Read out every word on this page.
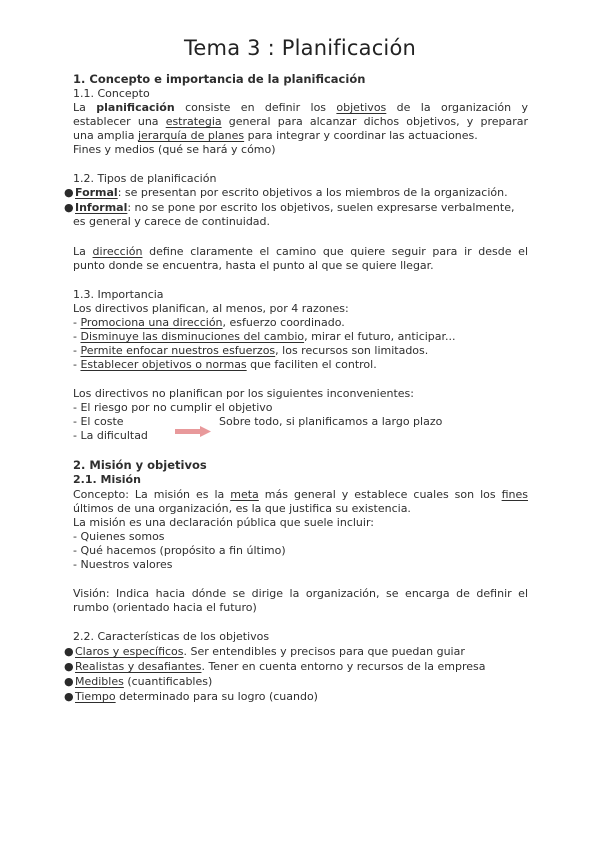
Tema 3 : Planificación
1. Concepto e importancia de la planificación
1.1. Concepto
La planificación consiste en definir los objetivos de la organización y
establecer una estrategia general para alcanzar dichos objetivos, y preparar
una amplia jerarquía de planes para integrar y coordinar las actuaciones.
Fines y medios (qué se hará y cómo)
1.2. Tipos de planificación
● Formal: se presentan por escrito objetivos a los miembros de la organización.
● Informal: no se pone por escrito los objetivos, suelen expresarse verbalmente,
es general y carece de continuidad.
La dirección define claramente el camino que quiere seguir para ir desde el
punto donde se encuentra, hasta el punto al que se quiere llegar.
1.3. Importancia
Los directivos planifican, al menos, por 4 razones:
- Promociona una dirección, esfuerzo coordinado.
- Disminuye las disminuciones del cambio, mirar el futuro, anticipar...
- Permite enfocar nuestros esfuerzos, los recursos son limitados.
- Establecer objetivos o normas que faciliten el control.
Los directivos no planifican por los siguientes inconvenientes:
- El riesgo por no cumplir el objetivo
- El coste	Sobre todo, si planificamos a largo plazo
- La dificultad
2. Misión y objetivos
2.1. Misión
Concepto: La misión es la meta más general y establece cuales son los fines
últimos de una organización, es la que justifica su existencia.
La misión es una declaración pública que suele incluir:
- Quienes somos
- Qué hacemos (propósito a fin último)
- Nuestros valores
Visión: Indica hacia dónde se dirige la organización, se encarga de definir el
rumbo (orientado hacia el futuro)
2.2. Características de los objetivos
● Claros y específicos. Ser entendibles y precisos para que puedan guiar
● Realistas y desafiantes. Tener en cuenta entorno y recursos de la empresa
● Medibles (cuantificables)
● Tiempo determinado para su logro (cuando)
